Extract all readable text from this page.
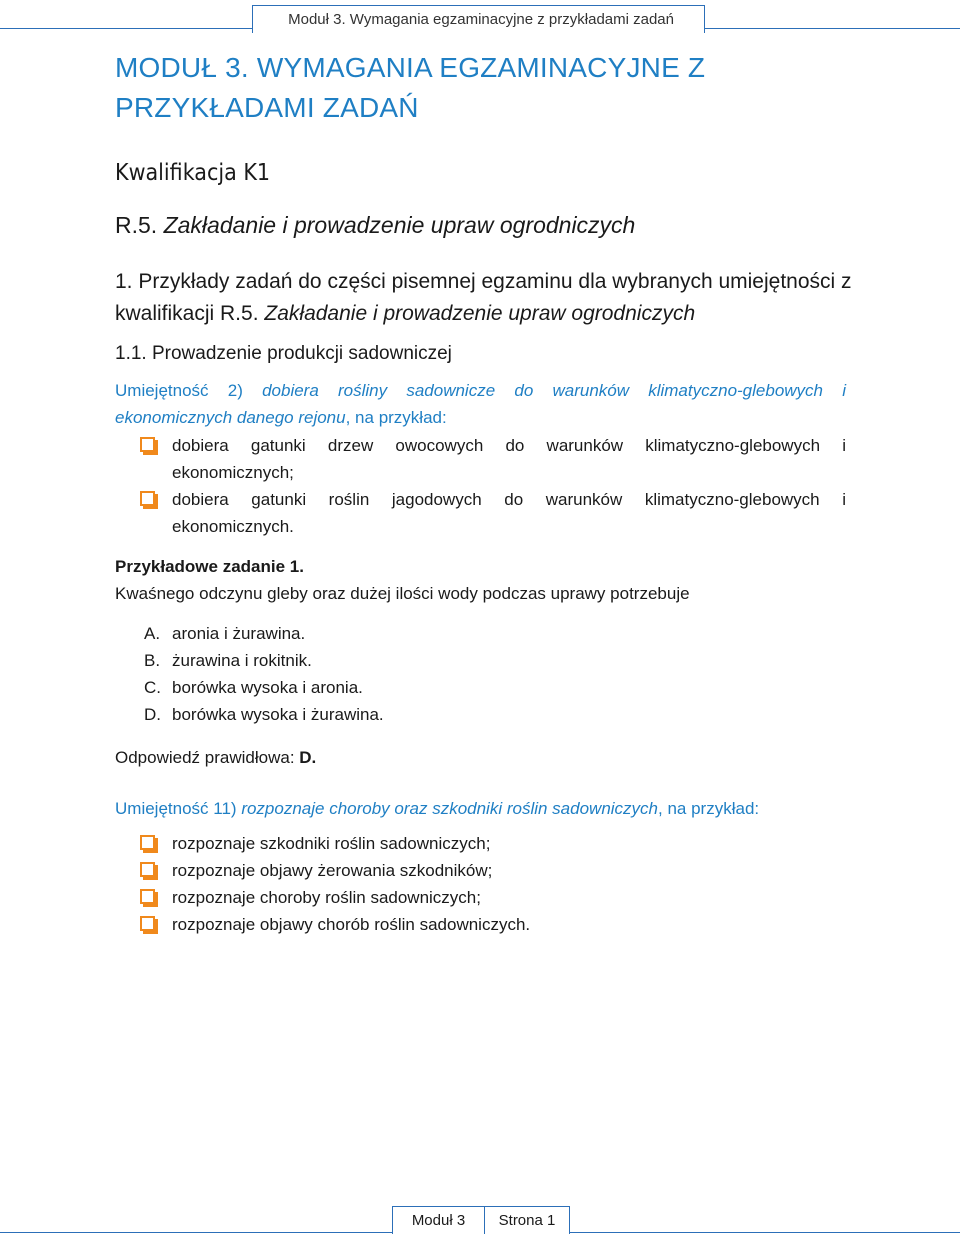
Moduł 3. Wymagania egzaminacyjne z przykładami zadań
MODUŁ 3. WYMAGANIA EGZAMINACYJNE Z PRZYKŁADAMI ZADAŃ
Kwalifikacja K1
R.5. Zakładanie i prowadzenie upraw ogrodniczych
1. Przykłady zadań do części pisemnej egzaminu dla wybranych umiejętności z kwalifikacji R.5. Zakładanie i prowadzenie upraw ogrodniczych
1.1. Prowadzenie produkcji sadowniczej
Umiejętność 2) dobiera rośliny sadownicze do warunków klimatyczno-glebowych i ekonomicznych danego rejonu, na przykład:
dobiera gatunki drzew owocowych do warunków klimatyczno-glebowych i ekonomicznych;
dobiera gatunki roślin jagodowych do warunków klimatyczno-glebowych i ekonomicznych.
Przykładowe zadanie 1.
Kwaśnego odczynu gleby oraz dużej ilości wody podczas uprawy potrzebuje
A. aronia i żurawina.
B. żurawina i rokitnik.
C. borówka wysoka i aronia.
D. borówka wysoka i żurawina.
Odpowiedź prawidłowa: D.
Umiejętność 11) rozpoznaje choroby oraz szkodniki roślin sadowniczych, na przykład:
rozpoznaje szkodniki roślin sadowniczych;
rozpoznaje objawy żerowania szkodników;
rozpoznaje choroby roślin sadowniczych;
rozpoznaje objawy chorób roślin sadowniczych.
Moduł 3 Strona 1
